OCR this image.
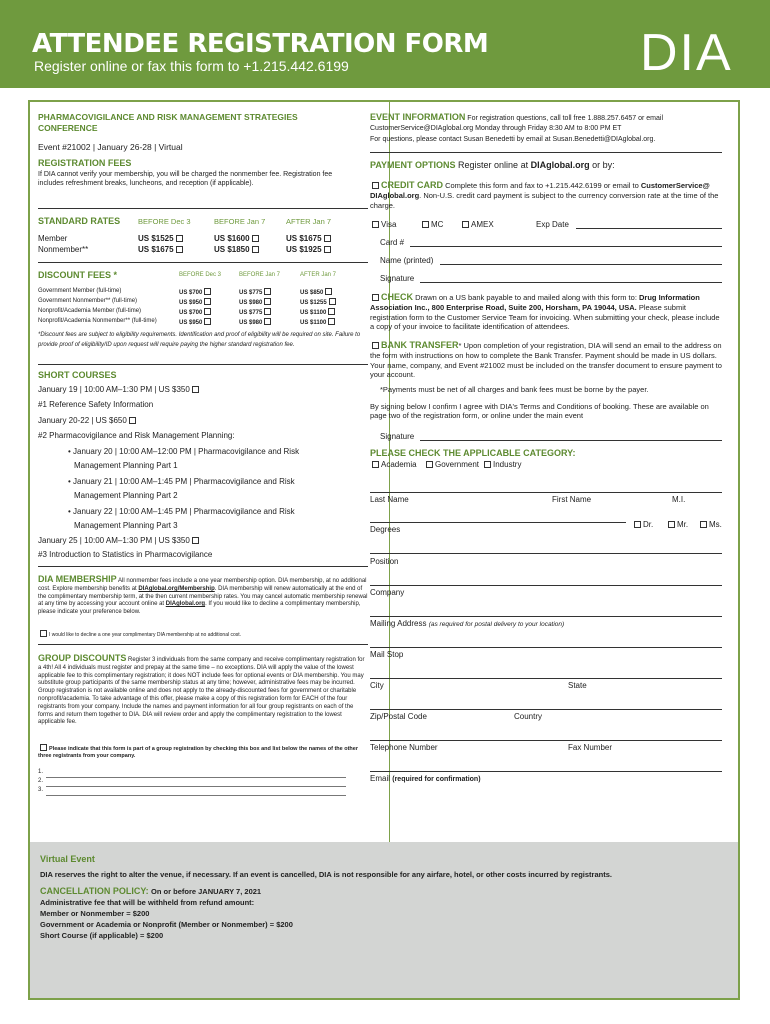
ATTENDEE REGISTRATION FORM
Register online or fax this form to +1.215.442.6199	DIA
PHARMACOVIGILANCE AND RISK MANAGEMENT STRATEGIES CONFERENCE
Event #21002 | January 26-28 | Virtual
REGISTRATION FEES
If DIA cannot verify your membership, you will be charged the nonmember fee. Registration fee includes refreshment breaks, luncheons, and reception (if applicable).
STANDARD RATES BEFORE Dec 3	BEFORE Jan 7	AFTER Jan 7
Member	US $1525	US $1600	US $1675
Nonmember**	US $1675	US $1850	US $1925
DISCOUNT FEES *	BEFORE Dec 3	BEFORE Jan 7	AFTER Jan 7
Government Member (full-time)	US $700	US $775	US $850
Government Nonmember** (full-time)	US $950	US $980	US $1255
Nonprofit/Academia Member (full-time)	US $700	US $775	US $1100
Nonprofit/Academia Nonmember** (full-time)	US $950	US $980	US $1100
*Discount fees are subject to eligibility requirements. Identification and proof of eligibility will be required on site. Failure to provide proof of eligibility/ID upon request will require paying the higher standard registration fee.
SHORT COURSES
January 19 | 10:00 AM–1:30 PM | US $350
#1 Reference Safety Information
January 20-22 | US $650
#2 Pharmacovigilance and Risk Management Planning:
• January 20 | 10:00 AM–12:00 PM | Pharmacovigilance and Risk
Management Planning Part 1
• January 21 | 10:00 AM–1:45 PM | Pharmacovigilance and Risk
Management Planning Part 2
• January 22 | 10:00 AM–1:45 PM | Pharmacovigilance and Risk
Management Planning Part 3
January 25 | 10:00 AM–1:30 PM | US $350
#3 Introduction to Statistics in Pharmacovigilance
DIA MEMBERSHIP All nonmember fees include a one year membership option. DIA membership, at no additional cost. Explore membership benefits at DIAglobal.org/Membership. DIA membership will renew automatically at the end of the complimentary membership term, at the then current membership rates. You may cancel automatic membership renewal at any time by accessing your account online at DIAglobal.org. If you would like to decline a complimentary membership, please indicate your preference below.
I would like to decline a one year complimentary DIA membership at no additional cost.
GROUP DISCOUNTS Register 3 individuals from the same company and receive complimentary registration for a 4th! All 4 individuals must register and prepay at the same time – no exceptions. DIA will apply the value of the lowest applicable fee to this complimentary registration; it does NOT include fees for optional events or DIA membership. You may substitute group participants of the same membership status at any time; however, administrative fees may be incurred. Group registration is not available online and does not apply to the already-discounted fees for government or charitable nonprofit/academia. To take advantage of this offer, please make a copy of this registration form for EACH of the four registrants from your company. Include the names and payment information for all four group registrants on each of the forms and return them together to DIA. DIA will review order and apply the complimentary registration to the lowest applicable fee.
Please indicate that this form is part of a group registration by checking this box and list below the names of the other three registrants from your company.
1.
2.
3.
EVENT INFORMATION For registration questions, call toll free 1.888.257.6457 or email CustomerService@DIAglobal.org Monday through Friday 8:30 AM to 8:00 PM ET
For questions, please contact Susan Benedetti by email at Susan.Benedetti@DIAglobal.org.
PAYMENT OPTIONS Register online at DIAglobal.org or by:
CREDIT CARD Complete this form and fax to +1.215.442.6199 or email to CustomerService@ DIAglobal.org. Non-U.S. credit card payment is subject to the currency conversion rate at the time of the charge.
Visa	MC	AMEX	Exp Date
Card #
Name (printed)
Signature
CHECK Drawn on a US bank payable to and mailed along with this form to: Drug Information Association Inc., 800 Enterprise Road, Suite 200, Horsham, PA 19044, USA. Please submit registration form to the Customer Service Team for invoicing. When submitting your check, please include a copy of your invoice to facilitate identification of attendees.
BANK TRANSFER* Upon completion of your registration, DIA will send an email to the address on the form with instructions on how to complete the Bank Transfer. Payment should be made in US dollars. Your name, company, and Event #21002 must be included on the transfer document to ensure payment to your account.
*Payments must be net of all charges and bank fees must be borne by the payer.
By signing below I confirm I agree with DIA's Terms and Conditions of booking. These are available on page two of the registration form, or online under the main event
Signature
PLEASE CHECK THE APPLICABLE CATEGORY:
Academia	Government	Industry
Last Name	First Name	M.I.
Degrees
Dr.	Mr.	Ms.
Position
Company
Mailing Address (as required for postal delivery to your location)
Mail Stop
City	State
Zip/Postal Code	Country
Telephone Number	Fax Number
Email (required for confirmation)
Virtual Event
DIA reserves the right to alter the venue, if necessary. If an event is cancelled, DIA is not responsible for any airfare, hotel, or other costs incurred by registrants.
CANCELLATION POLICY: On or before JANUARY 7, 2021
Administrative fee that will be withheld from refund amount:
Member or Nonmember = $200
Government or Academia or Nonprofit (Member or Nonmember) = $200
Short Course (if applicable) = $200
